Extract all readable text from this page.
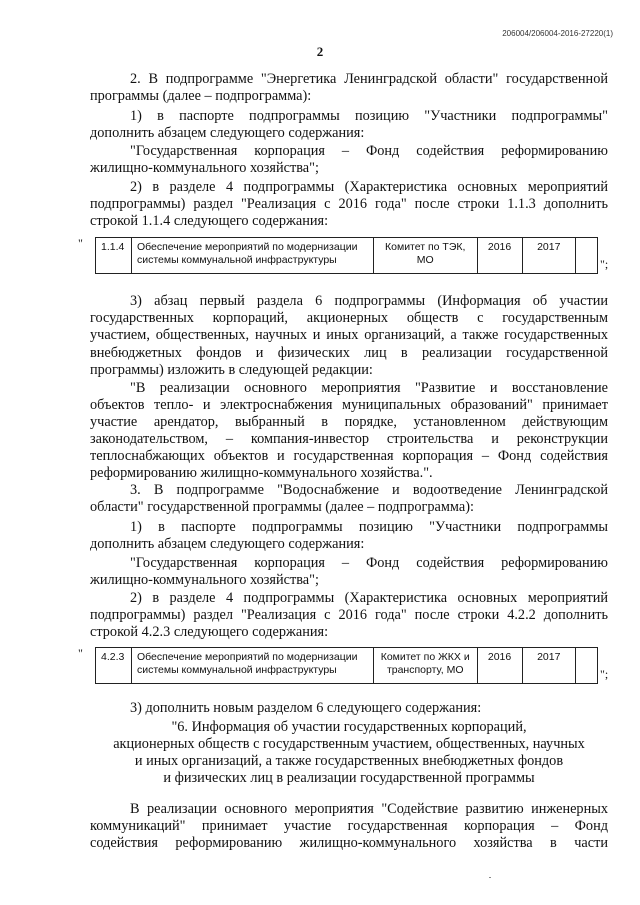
206004/206004-2016-27220(1)
2
2. В подпрограмме "Энергетика Ленинградской области" государственной
программы (далее – подпрограмма):
1) в паспорте подпрограммы позицию "Участники подпрограммы"
дополнить абзацем следующего содержания:
"Государственная корпорация – Фонд содействия реформированию
жилищно-коммунального хозяйства";
2) в разделе 4 подпрограммы (Характеристика основных мероприятий
подпрограммы) раздел "Реализация с 2016 года" после строки 1.1.3 дополнить
строкой 1.1.4 следующего содержания:
" 1.1.4	Обеспечение мероприятий по модернизации системы коммунальной инфраструктуры	Комитет по ТЭК, МО	2016	2017	
";
3) абзац первый раздела 6 подпрограммы (Информация об участии
государственных корпораций, акционерных обществ с государственным
участием, общественных, научных и иных организаций, а также государственных
внебюджетных фондов и физических лиц в реализации государственной
программы) изложить в следующей редакции:
"В реализации основного мероприятия "Развитие и восстановление
объектов тепло- и электроснабжения муниципальных образований" принимает
участие арендатор, выбранный в порядке, установленном действующим
законодательством, – компания-инвестор строительства и реконструкции
теплоснабжающих объектов и государственная корпорация – Фонд содействия
реформированию жилищно-коммунального хозяйства.".
3. В подпрограмме "Водоснабжение и водоотведение Ленинградской
области" государственной программы (далее – подпрограмма):
1) в паспорте подпрограммы позицию "Участники подпрограммы
дополнить абзацем следующего содержания:
"Государственная корпорация – Фонд содействия реформированию
жилищно-коммунального хозяйства";
2) в разделе 4 подпрограммы (Характеристика основных мероприятий
подпрограммы) раздел "Реализация с 2016 года" после строки 4.2.2 дополнить
строкой 4.2.3 следующего содержания:
" 4.2.3	Обеспечение мероприятий по модернизации системы коммунальной инфраструктуры	Комитет по ЖКХ и транспорту, МО	2016	2017	
";
3) дополнить новым разделом 6 следующего содержания:
"6. Информация об участии государственных корпораций,
акционерных обществ с государственным участием, общественных, научных
и иных организаций, а также государственных внебюджетных фондов
и физических лиц в реализации государственной программы
В реализации основного мероприятия "Содействие развитию инженерных
коммуникаций" принимает участие государственная корпорация – Фонд
содействия реформированию жилищно-коммунального хозяйства в части
